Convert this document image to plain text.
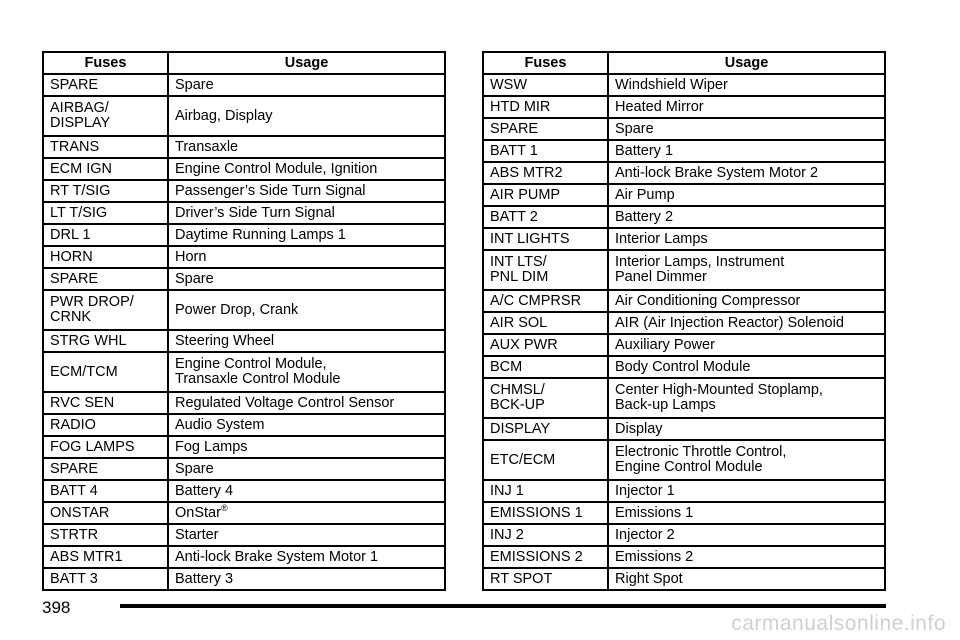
Fuses	Usage
SPARE	Spare
AIRBAG/
DISPLAY	Airbag, Display
TRANS	Transaxle
ECM IGN	Engine Control Module, Ignition
RT T/SIG	Passenger’s Side Turn Signal
LT T/SIG	Driver’s Side Turn Signal
DRL 1	Daytime Running Lamps 1
HORN	Horn
SPARE	Spare
PWR DROP/
CRNK	Power Drop, Crank
STRG WHL	Steering Wheel
ECM/TCM	Engine Control Module,
Transaxle Control Module
RVC SEN	Regulated Voltage Control Sensor
RADIO	Audio System
FOG LAMPS	Fog Lamps
SPARE	Spare
BATT 4	Battery 4
ONSTAR	OnStar®
STRTR	Starter
ABS MTR1	Anti-lock Brake System Motor 1
BATT 3	Battery 3
Fuses	Usage
WSW	Windshield Wiper
HTD MIR	Heated Mirror
SPARE	Spare
BATT 1	Battery 1
ABS MTR2	Anti-lock Brake System Motor 2
AIR PUMP	Air Pump
BATT 2	Battery 2
INT LIGHTS	Interior Lamps
INT LTS/
PNL DIM	Interior Lamps, Instrument
Panel Dimmer
A/C CMPRSR	Air Conditioning Compressor
AIR SOL	AIR (Air Injection Reactor) Solenoid
AUX PWR	Auxiliary Power
BCM	Body Control Module
CHMSL/
BCK-UP	Center High-Mounted Stoplamp,
Back-up Lamps
DISPLAY	Display
ETC/ECM	Electronic Throttle Control,
Engine Control Module
INJ 1	Injector 1
EMISSIONS 1	Emissions 1
INJ 2	Injector 2
EMISSIONS 2	Emissions 2
RT SPOT	Right Spot
398
carmanualsonline.info
